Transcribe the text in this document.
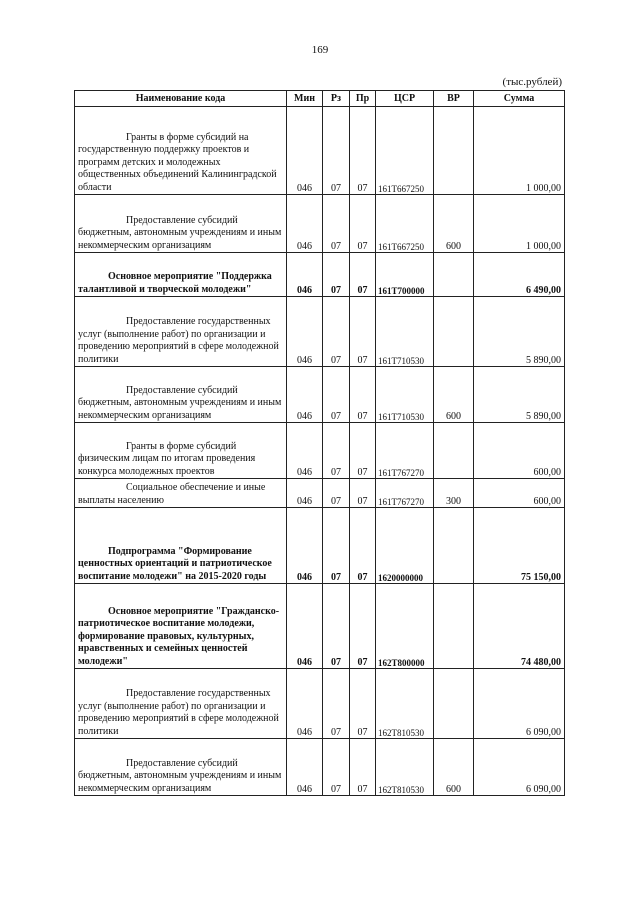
169
(тыс.рублей)
Наименование кода	Мин	Рз	Пр	ЦСР	ВР	Сумма
Гранты в форме субсидий на государственную поддержку проектов и программ детских и молодежных общественных объединений Калининградской области	046	07	07	161Т667250		1 000,00
Предоставление субсидий бюджетным, автономным учреждениям и иным некоммерческим организациям	046	07	07	161Т667250	600	1 000,00
Основное мероприятие "Поддержка талантливой и творческой молодежи"	046	07	07	161Т700000		6 490,00
Предоставление государственных услуг (выполнение работ) по организации и проведению мероприятий в сфере молодежной политики	046	07	07	161Т710530		5 890,00
Предоставление субсидий бюджетным, автономным учреждениям и иным некоммерческим организациям	046	07	07	161Т710530	600	5 890,00
Гранты в форме субсидий физическим лицам по итогам проведения конкурса молодежных проектов	046	07	07	161Т767270		600,00
Социальное обеспечение и иные выплаты населению	046	07	07	161Т767270	300	600,00
Подпрограмма "Формирование ценностных ориентаций и патриотическое воспитание молодежи" на 2015-2020 годы	046	07	07	1620000000		75 150,00
Основное мероприятие "Гражданско-патриотическое воспитание молодежи, формирование правовых, культурных, нравственных и семейных ценностей молодежи"	046	07	07	162Т800000		74 480,00
Предоставление государственных услуг (выполнение работ) по организации и проведению мероприятий в сфере молодежной политики	046	07	07	162Т810530		6 090,00
Предоставление субсидий бюджетным, автономным учреждениям и иным некоммерческим организациям	046	07	07	162Т810530	600	6 090,00
